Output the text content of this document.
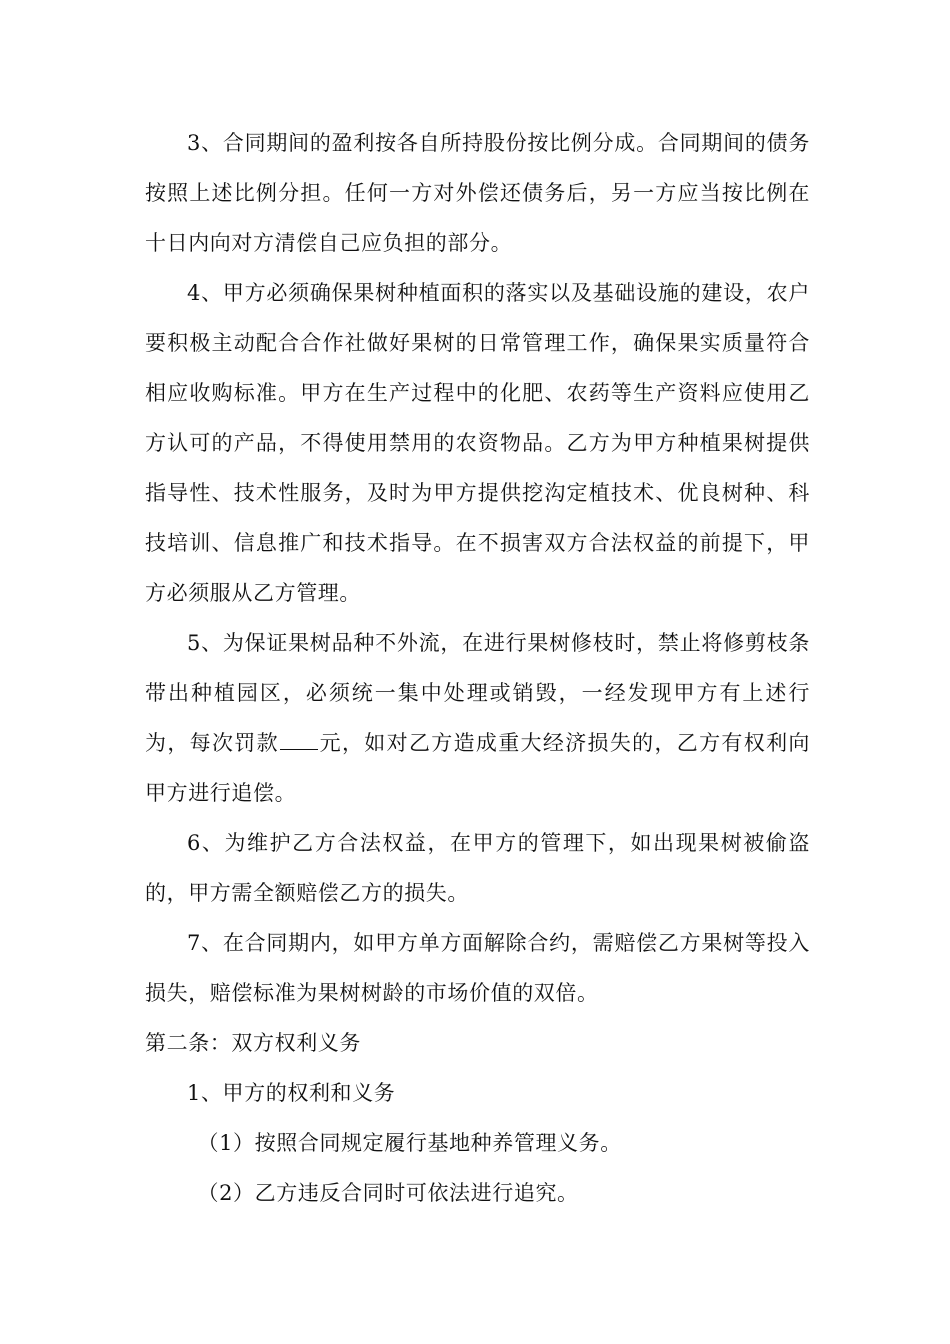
3、合同期间的盈利按各自所持股份按比例分成。合同期间的债务按照上述比例分担。任何一方对外偿还债务后，另一方应当按比例在十日内向对方清偿自己应负担的部分。

4、甲方必须确保果树种植面积的落实以及基础设施的建设，农户要积极主动配合合作社做好果树的日常管理工作，确保果实质量符合相应收购标准。甲方在生产过程中的化肥、农药等生产资料应使用乙方认可的产品，不得使用禁用的农资物品。乙方为甲方种植果树提供指导性、技术性服务，及时为甲方提供挖沟定植技术、优良树种、科技培训、信息推广和技术指导。在不损害双方合法权益的前提下，甲方必须服从乙方管理。

5、为保证果树品种不外流，在进行果树修枝时，禁止将修剪枝条带出种植园区，必须统一集中处理或销毁，一经发现甲方有上述行为，每次罚款 元，如对乙方造成重大经济损失的，乙方有权利向甲方进行追偿。

6、为维护乙方合法权益，在甲方的管理下，如出现果树被偷盗的，甲方需全额赔偿乙方的损失。

7、在合同期内，如甲方单方面解除合约，需赔偿乙方果树等投入损失，赔偿标准为果树树龄的市场价值的双倍。

第二条：双方权利义务

1、甲方的权利和义务

（1）按照合同规定履行基地种养管理义务。

（2）乙方违反合同时可依法进行追究。
